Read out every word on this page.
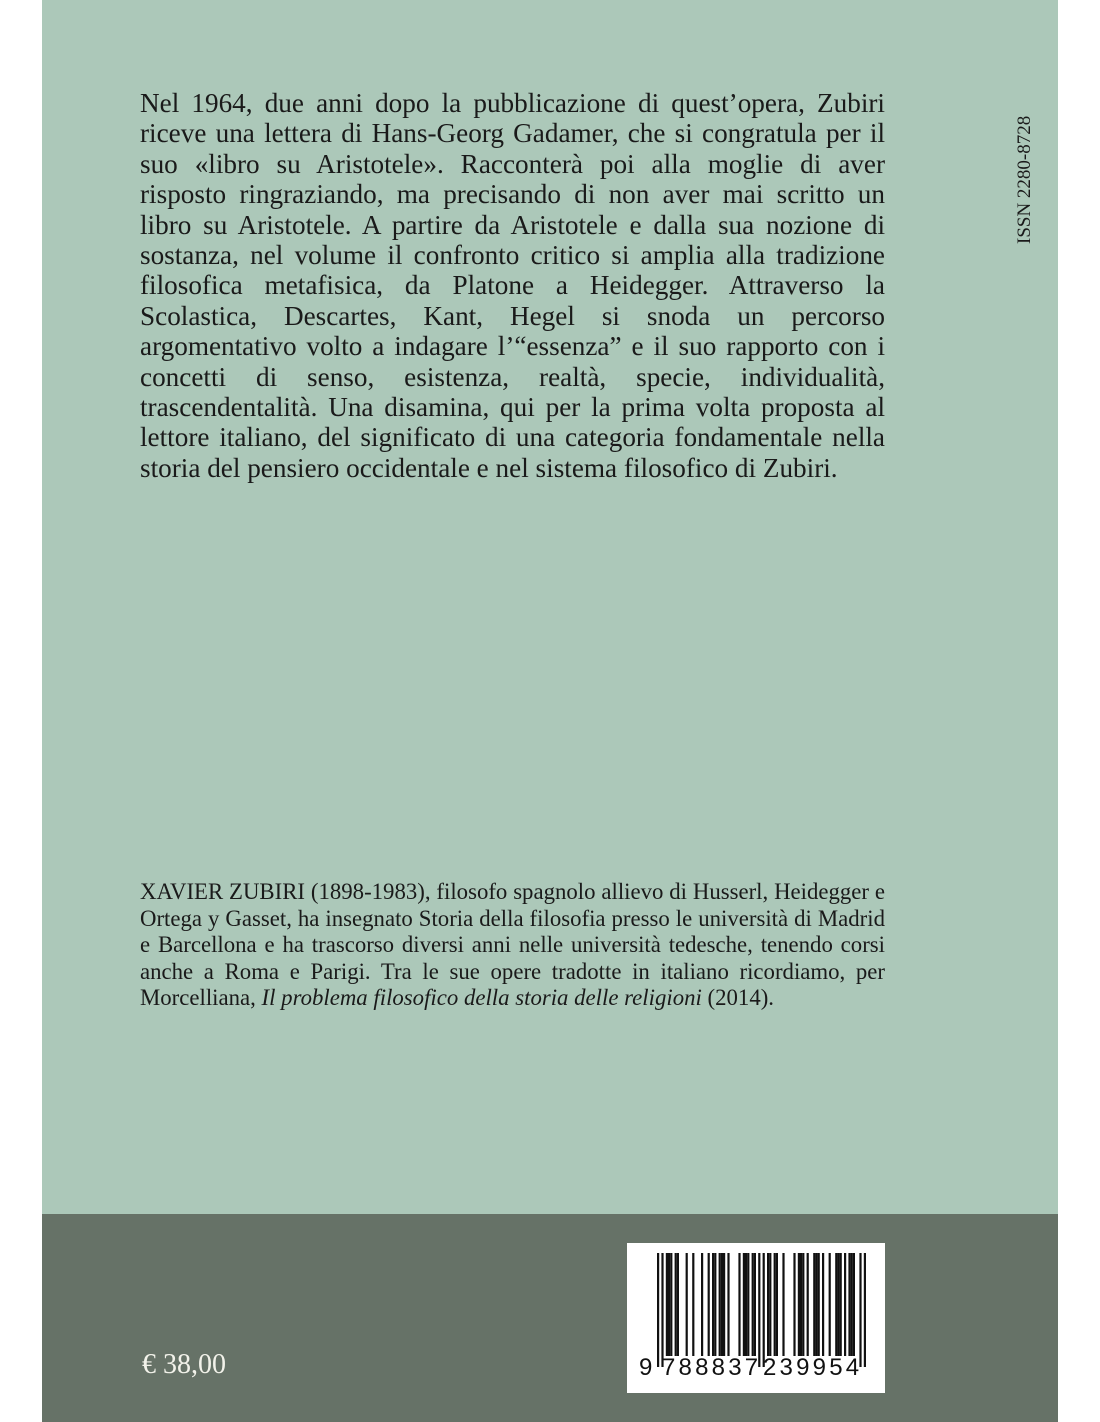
Nel 1964, due anni dopo la pubblicazione di quest’opera, Zubiri riceve una lettera di Hans-Georg Gadamer, che si congratula per il suo «libro su Aristotele». Racconterà poi alla moglie di aver risposto ringraziando, ma precisando di non aver mai scritto un libro su Aristotele. A partire da Aristotele e dalla sua nozione di sostanza, nel volume il confronto critico si amplia alla tradizione filosofica metafisica, da Platone a Heidegger. Attraverso la Scolastica, Descartes, Kant, Hegel si snoda un percorso argomentativo volto a indagare l’“essenza” e il suo rapporto con i concetti di senso, esistenza, realtà, specie, individualità, trascendentalità. Una disamina, qui per la prima volta proposta al lettore italiano, del significato di una categoria fondamentale nella storia del pensiero occidentale e nel sistema filosofico di Zubiri.

XAVIER ZUBIRI (1898-1983), filosofo spagnolo allievo di Husserl, Heidegger e Ortega y Gasset, ha insegnato Storia della filosofia presso le università di Madrid e Barcellona e ha trascorso diversi anni nelle università tedesche, tenendo corsi anche a Roma e Parigi. Tra le sue opere tradotte in italiano ricordiamo, per Morcelliana, Il problema filosofico della storia delle religioni (2014).

ISSN 2280-8728
€ 38,00	9 788837 239954
